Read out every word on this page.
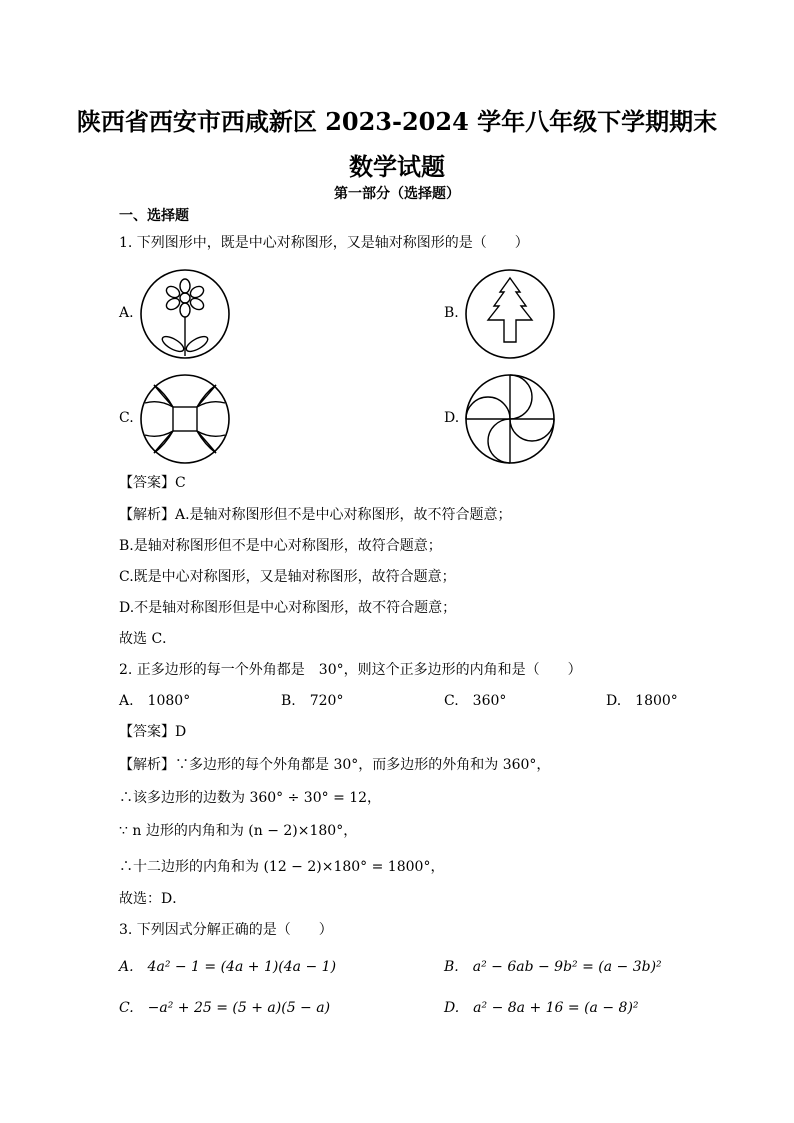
陕西省西安市西咸新区 2023-2024 学年八年级下学期期末
数学试题
第一部分（选择题）
一、选择题
1. 下列图形中，既是中心对称图形，又是轴对称图形的是（　　）
A.	B.
C.	D.
【答案】C
【解析】A.是轴对称图形但不是中心对称图形，故不符合题意；
B.是轴对称图形但不是中心对称图形，故符合题意；
C.既是中心对称图形，又是轴对称图形，故符合题意；
D.不是轴对称图形但是中心对称图形，故不符合题意；
故选 C．
2. 正多边形的每一个外角都是　30°，则这个正多边形的内角和是（　　）
A.　1080°	B.　720°	C.　360°	D.　1800°
【答案】D
【解析】∵多边形的每个外角都是 30°，而多边形的外角和为 360°，
∴该多边形的边数为 360° ÷ 30° = 12，
∵ n 边形的内角和为 (n − 2)×180°，
∴十二边形的内角和为 (12 − 2)×180° = 1800°，
故选：D．
3. 下列因式分解正确的是（　　）
A.　4a² − 1 = (4a + 1)(4a − 1)	B.　a² − 6ab − 9b² = (a − 3b)²
C.　−a² + 25 = (5 + a)(5 − a)	D.　a² − 8a + 16 = (a − 8)²
